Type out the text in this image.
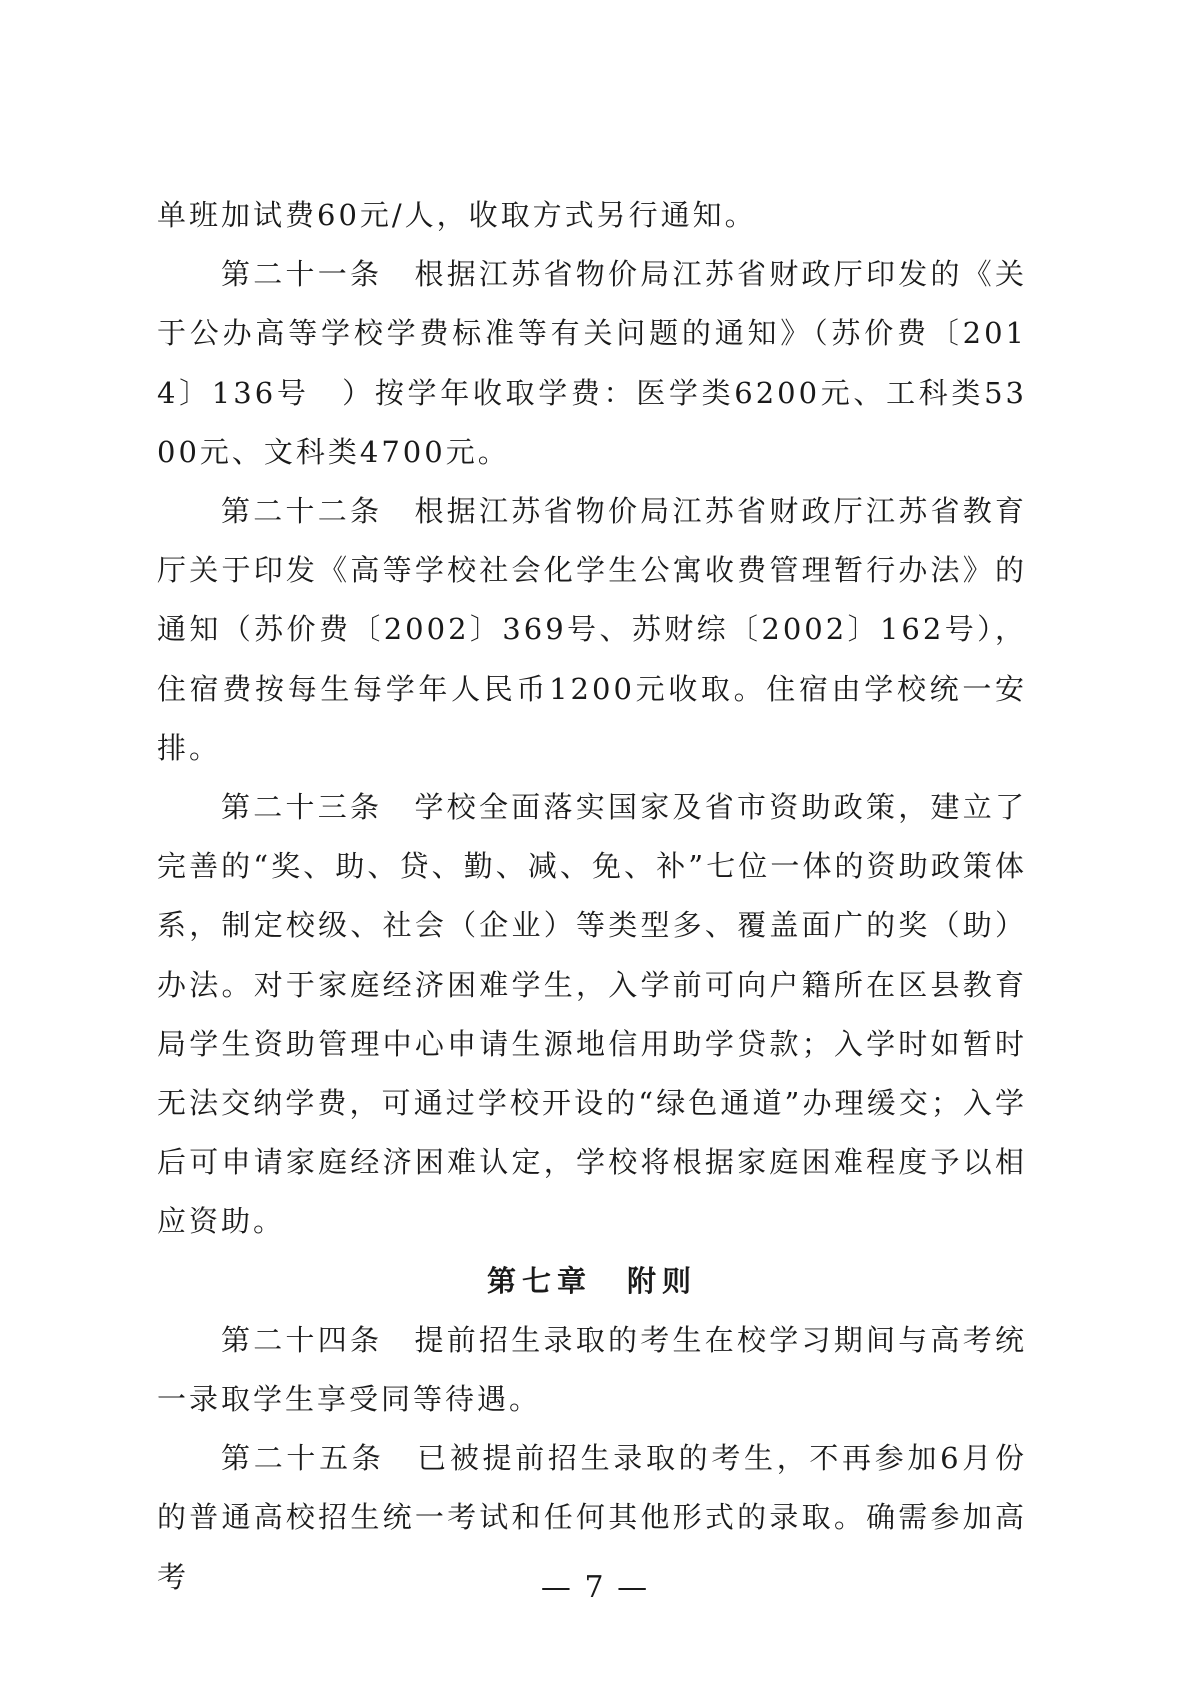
单班加试费60元/人，收取方式另行通知。

第二十一条　根据江苏省物价局江苏省财政厅印发的《关于公办高等学校学费标准等有关问题的通知》（苏价费〔2014〕136号　）按学年收取学费：医学类6200元、工科类5300元、文科类4700元。

第二十二条　根据江苏省物价局江苏省财政厅江苏省教育厅关于印发《高等学校社会化学生公寓收费管理暂行办法》的通知（苏价费〔2002〕369号、苏财综〔2002〕162号），住宿费按每生每学年人民币1200元收取。住宿由学校统一安排。

第二十三条　学校全面落实国家及省市资助政策，建立了完善的“奖、助、贷、勤、减、免、补”七位一体的资助政策体系，制定校级、社会（企业）等类型多、覆盖面广的奖（助）办法。对于家庭经济困难学生，入学前可向户籍所在区县教育局学生资助管理中心申请生源地信用助学贷款；入学时如暂时无法交纳学费，可通过学校开设的“绿色通道”办理缓交；入学后可申请家庭经济困难认定，学校将根据家庭困难程度予以相应资助。

第七章　附则

第二十四条　提前招生录取的考生在校学习期间与高考统一录取学生享受同等待遇。

第二十五条　已被提前招生录取的考生，不再参加6月份的普通高校招生统一考试和任何其他形式的录取。确需参加高考	— 7 —
